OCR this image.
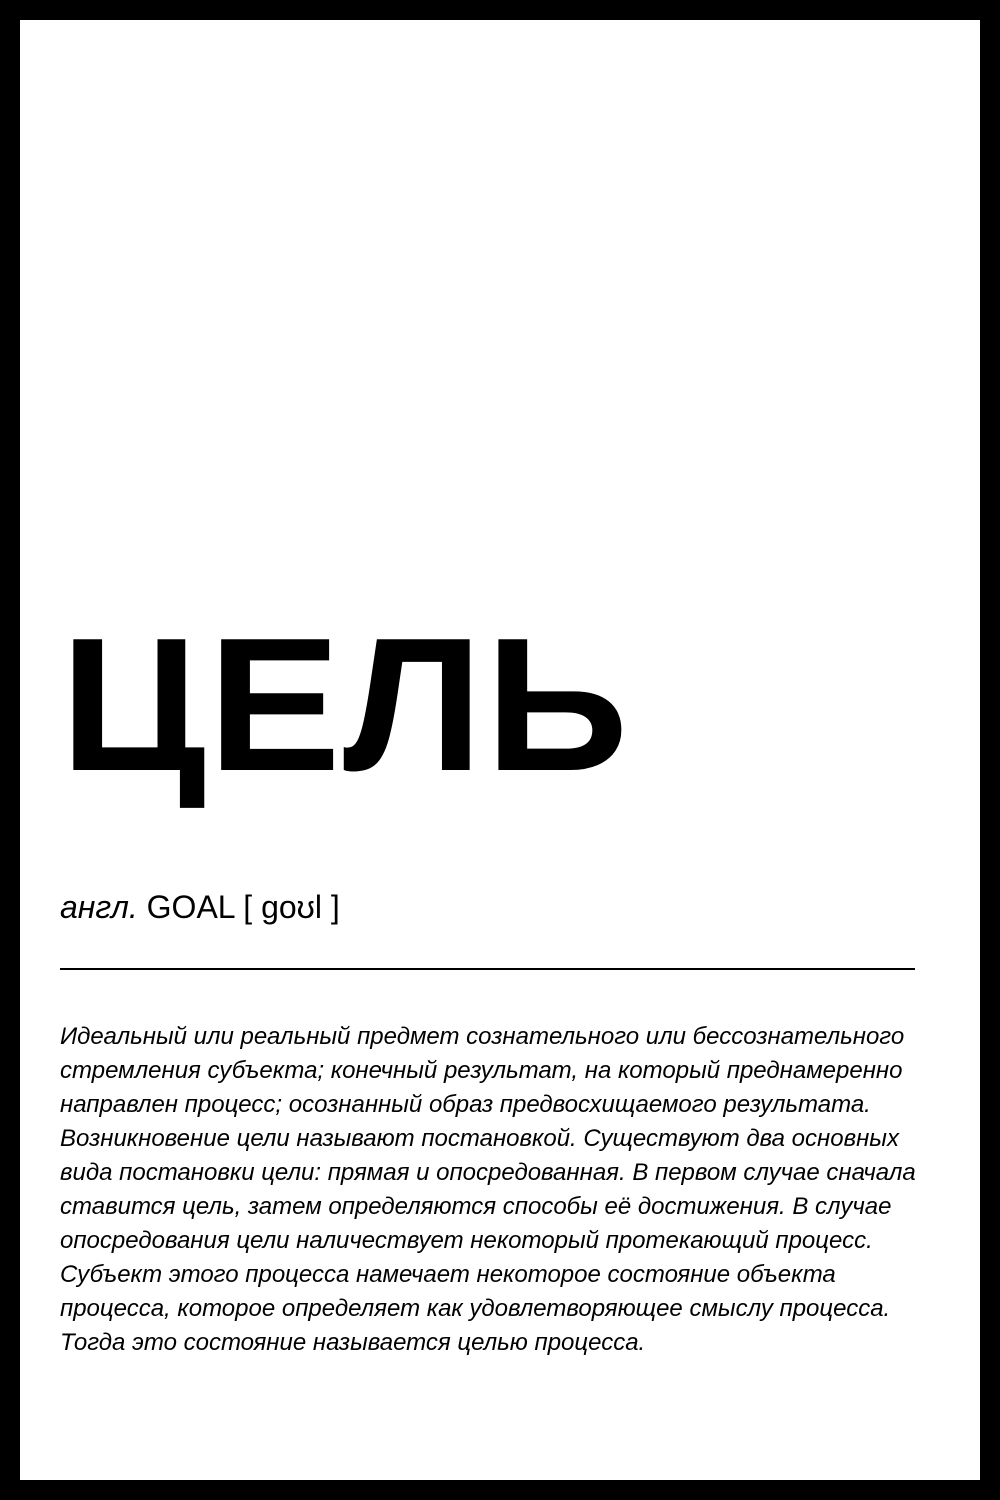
ЦЕЛЬ
англ. GOAL [ goʊl ]

Идеальный или реальный предмет сознательного или бессознательного стремления субъекта; конечный результат, на который преднамеренно направлен процесс; осознанный образ предвосхищаемого результата.

Возникновение цели называют постановкой. Существуют два основных вида постановки цели: прямая и опосредованная. В первом случае сначала ставится цель, затем определяются способы её достижения. В случае опосредования цели наличествует некоторый протекающий процесс. Субъект этого процесса намечает некоторое состояние объекта процесса, которое определяет как удовлетворяющее смыслу процесса. Тогда это состояние называется целью процесса.
